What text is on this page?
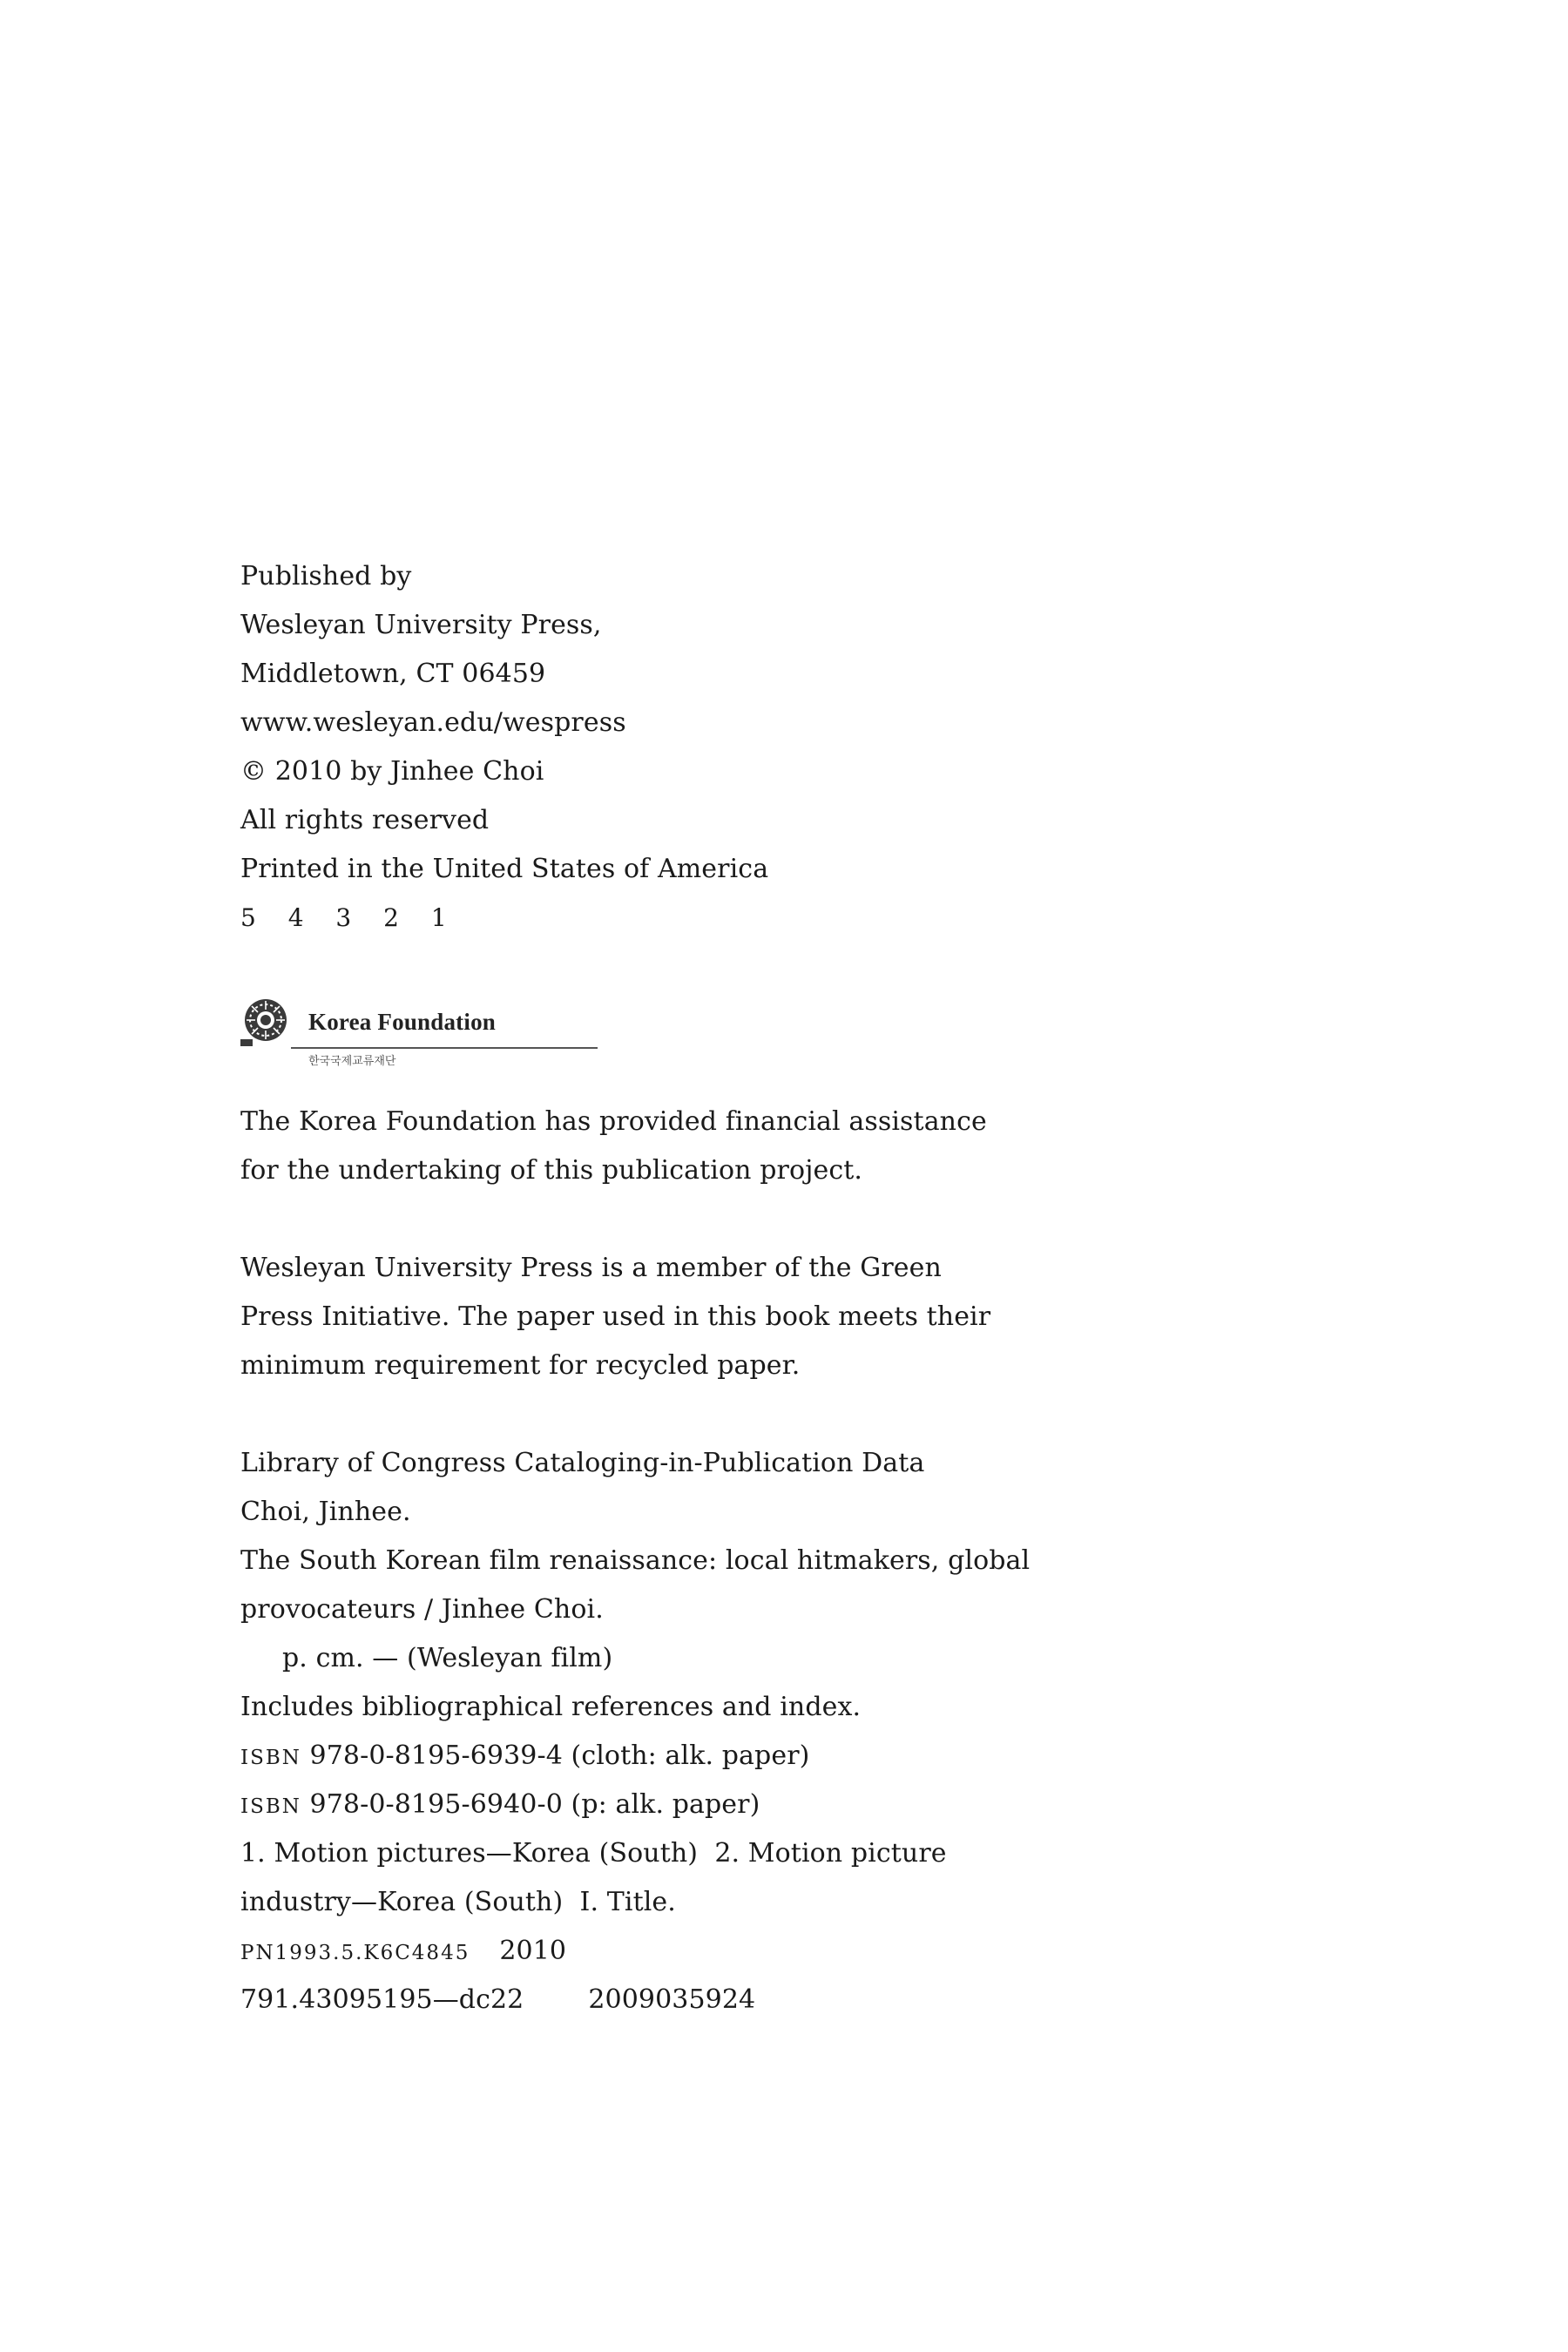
Published by
Wesleyan University Press,
Middletown, CT 06459
www.wesleyan.edu/wespress
© 2010 by Jinhee Choi
All rights reserved
Printed in the United States of America
5 4 3 2 1
Korea Foundation
한국국제교류재단
The Korea Foundation has provided financial assistance
for the undertaking of this publication project.
Wesleyan University Press is a member of the Green
Press Initiative. The paper used in this book meets their
minimum requirement for recycled paper.
Library of Congress Cataloging-in-Publication Data
Choi, Jinhee.
The South Korean film renaissance: local hitmakers, global
provocateurs / Jinhee Choi.
p. cm. — (Wesleyan film)
Includes bibliographical references and index.
ISBN 978-0-8195-6939-4 (cloth: alk. paper)
ISBN 978-0-8195-6940-0 (p: alk. paper)
1. Motion pictures—Korea (South)  2. Motion picture
industry—Korea (South)  I. Title.
PN1993.5.K6C4845 2010
791.43095195—dc22 2009035924
